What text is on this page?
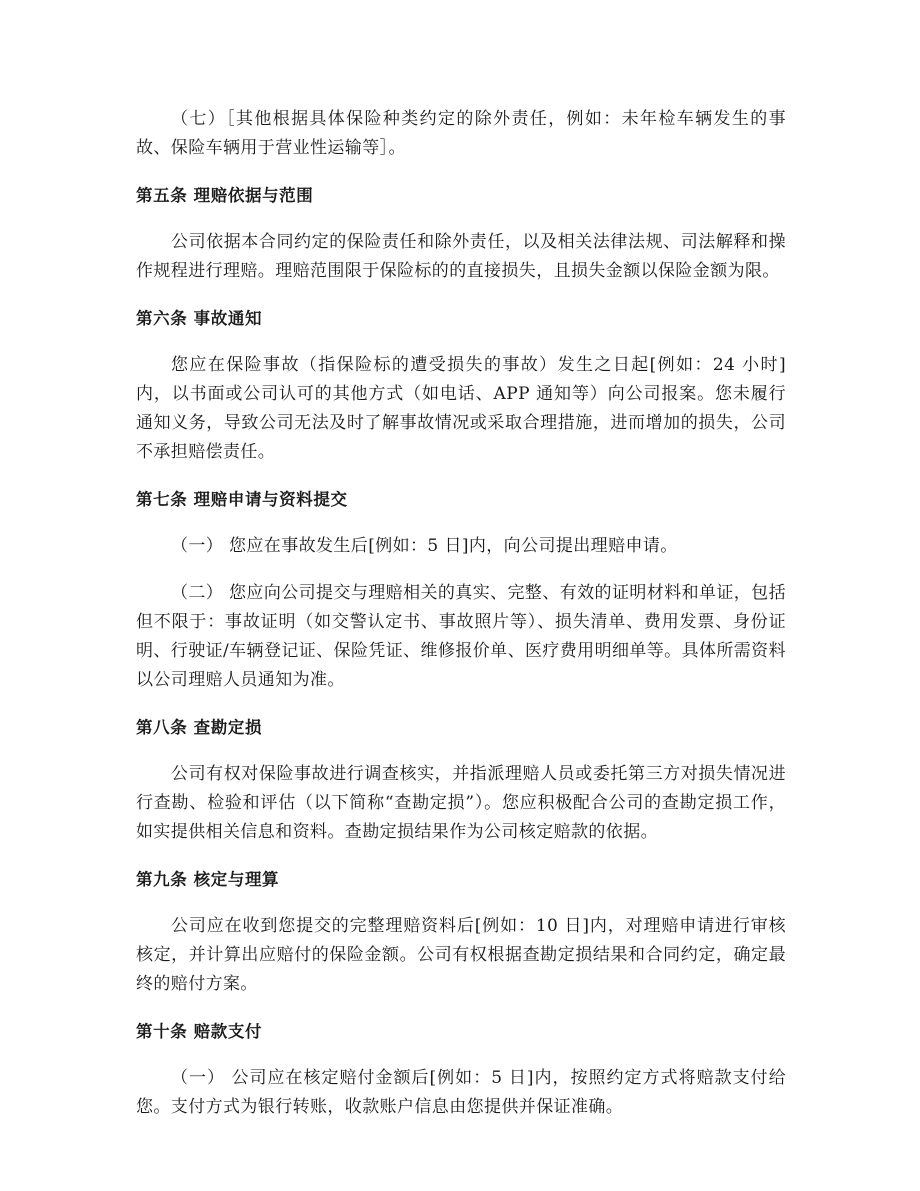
（七）［其他根据具体保险种类约定的除外责任，例如：未年检车辆发生的事故、保险车辆用于营业性运输等］。

第五条 理赔依据与范围

公司依据本合同约定的保险责任和除外责任，以及相关法律法规、司法解释和操作规程进行理赔。理赔范围限于保险标的的直接损失，且损失金额以保险金额为限。

第六条 事故通知

您应在保险事故（指保险标的遭受损失的事故）发生之日起[例如：24 小时]内，以书面或公司认可的其他方式（如电话、APP 通知等）向公司报案。您未履行通知义务，导致公司无法及时了解事故情况或采取合理措施，进而增加的损失，公司不承担赔偿责任。

第七条 理赔申请与资料提交

（一） 您应在事故发生后[例如：5 日]内，向公司提出理赔申请。

（二） 您应向公司提交与理赔相关的真实、完整、有效的证明材料和单证，包括但不限于：事故证明（如交警认定书、事故照片等）、损失清单、费用发票、身份证明、行驶证/车辆登记证、保险凭证、维修报价单、医疗费用明细单等。具体所需资料以公司理赔人员通知为准。

第八条 查勘定损

公司有权对保险事故进行调查核实，并指派理赔人员或委托第三方对损失情况进行查勘、检验和评估（以下简称“查勘定损”）。您应积极配合公司的查勘定损工作，如实提供相关信息和资料。查勘定损结果作为公司核定赔款的依据。

第九条 核定与理算

公司应在收到您提交的完整理赔资料后[例如：10 日]内，对理赔申请进行审核核定，并计算出应赔付的保险金额。公司有权根据查勘定损结果和合同约定，确定最终的赔付方案。

第十条 赔款支付

（一） 公司应在核定赔付金额后[例如：5 日]内，按照约定方式将赔款支付给您。支付方式为银行转账，收款账户信息由您提供并保证准确。
